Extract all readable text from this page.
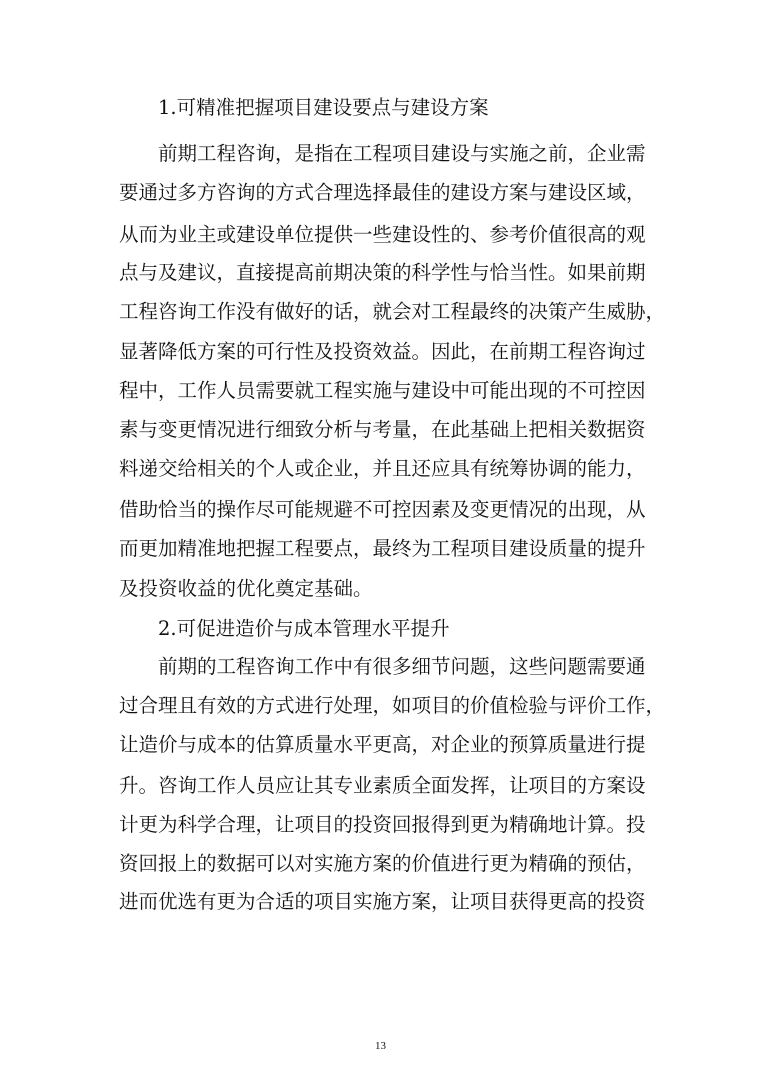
1.可精准把握项目建设要点与建设方案
前期工程咨询，是指在工程项目建设与实施之前，企业需
要通过多方咨询的方式合理选择最佳的建设方案与建设区域，
从而为业主或建设单位提供一些建设性的、参考价值很高的观
点与及建议，直接提高前期决策的科学性与恰当性。如果前期
工程咨询工作没有做好的话，就会对工程最终的决策产生威胁，
显著降低方案的可行性及投资效益。因此，在前期工程咨询过
程中，工作人员需要就工程实施与建设中可能出现的不可控因
素与变更情况进行细致分析与考量，在此基础上把相关数据资
料递交给相关的个人或企业，并且还应具有统筹协调的能力，
借助恰当的操作尽可能规避不可控因素及变更情况的出现，从
而更加精准地把握工程要点，最终为工程项目建设质量的提升
及投资收益的优化奠定基础。
2.可促进造价与成本管理水平提升
前期的工程咨询工作中有很多细节问题，这些问题需要通
过合理且有效的方式进行处理，如项目的价值检验与评价工作，
让造价与成本的估算质量水平更高，对企业的预算质量进行提
升。咨询工作人员应让其专业素质全面发挥，让项目的方案设
计更为科学合理，让项目的投资回报得到更为精确地计算。投
资回报上的数据可以对实施方案的价值进行更为精确的预估，
进而优选有更为合适的项目实施方案，让项目获得更高的投资
13
